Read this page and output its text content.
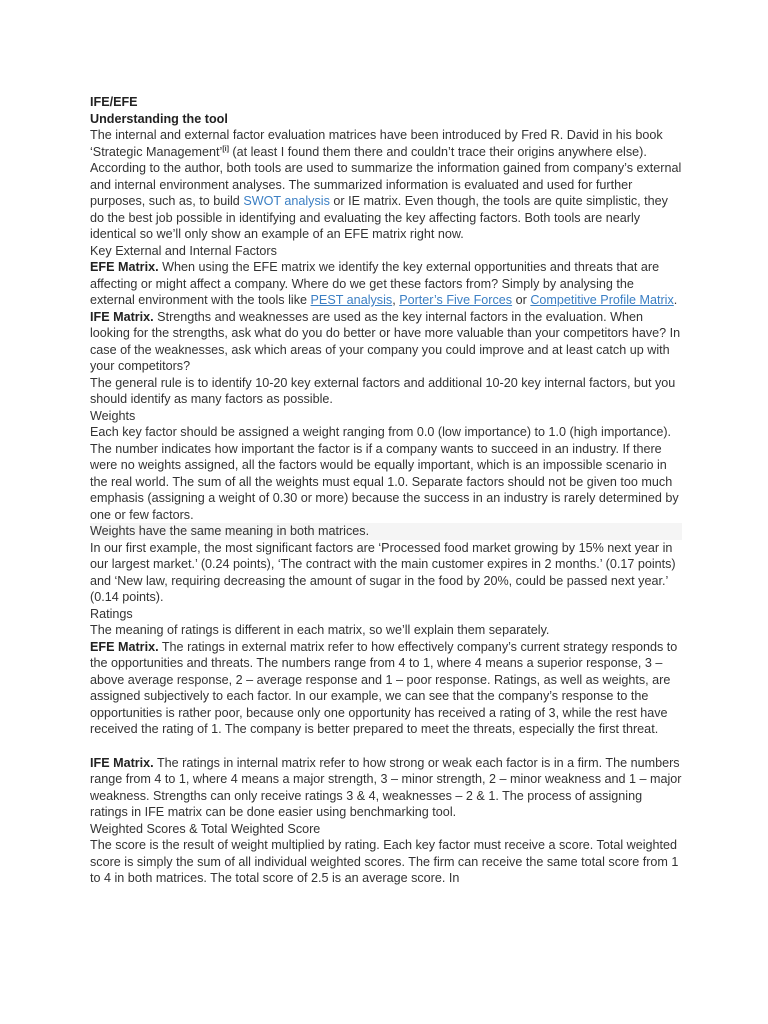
IFE/EFE

Understanding the tool

The internal and external factor evaluation matrices have been introduced by Fred R. David in his book ‘Strategic Management’[i] (at least I found them there and couldn’t trace their origins anywhere else). According to the author, both tools are used to summarize the information gained from company’s external and internal environment analyses. The summarized information is evaluated and used for further purposes, such as, to build SWOT analysis or IE matrix. Even though, the tools are quite simplistic, they do the best job possible in identifying and evaluating the key affecting factors. Both tools are nearly identical so we’ll only show an example of an EFE matrix right now.

Key External and Internal Factors

EFE Matrix. When using the EFE matrix we identify the key external opportunities and threats that are affecting or might affect a company. Where do we get these factors from? Simply by analysing the external environment with the tools like PEST analysis, Porter’s Five Forces or Competitive Profile Matrix.

IFE Matrix. Strengths and weaknesses are used as the key internal factors in the evaluation. When looking for the strengths, ask what do you do better or have more valuable than your competitors have? In case of the weaknesses, ask which areas of your company you could improve and at least catch up with your competitors?

The general rule is to identify 10-20 key external factors and additional 10-20 key internal factors, but you should identify as many factors as possible.

Weights

Each key factor should be assigned a weight ranging from 0.0 (low importance) to 1.0 (high importance). The number indicates how important the factor is if a company wants to succeed in an industry. If there were no weights assigned, all the factors would be equally important, which is an impossible scenario in the real world. The sum of all the weights must equal 1.0. Separate factors should not be given too much emphasis (assigning a weight of 0.30 or more) because the success in an industry is rarely determined by one or few factors.

Weights have the same meaning in both matrices.

In our first example, the most significant factors are ‘Processed food market growing by 15% next year in our largest market.’ (0.24 points), ‘The contract with the main customer expires in 2 months.’ (0.17 points) and ‘New law, requiring decreasing the amount of sugar in the food by 20%, could be passed next year.’ (0.14 points).

Ratings

The meaning of ratings is different in each matrix, so we’ll explain them separately.

EFE Matrix. The ratings in external matrix refer to how effectively company’s current strategy responds to the opportunities and threats. The numbers range from 4 to 1, where 4 means a superior response, 3 – above average response, 2 – average response and 1 – poor response. Ratings, as well as weights, are assigned subjectively to each factor. In our example, we can see that the company’s response to the opportunities is rather poor, because only one opportunity has received a rating of 3, while the rest have received the rating of 1. The company is better prepared to meet the threats, especially the first threat.

IFE Matrix. The ratings in internal matrix refer to how strong or weak each factor is in a firm. The numbers range from 4 to 1, where 4 means a major strength, 3 – minor strength, 2 – minor weakness and 1 – major weakness. Strengths can only receive ratings 3 & 4, weaknesses – 2 & 1. The process of assigning ratings in IFE matrix can be done easier using benchmarking tool.

Weighted Scores & Total Weighted Score

The score is the result of weight multiplied by rating. Each key factor must receive a score. Total weighted score is simply the sum of all individual weighted scores. The firm can receive the same total score from 1 to 4 in both matrices. The total score of 2.5 is an average score. In
